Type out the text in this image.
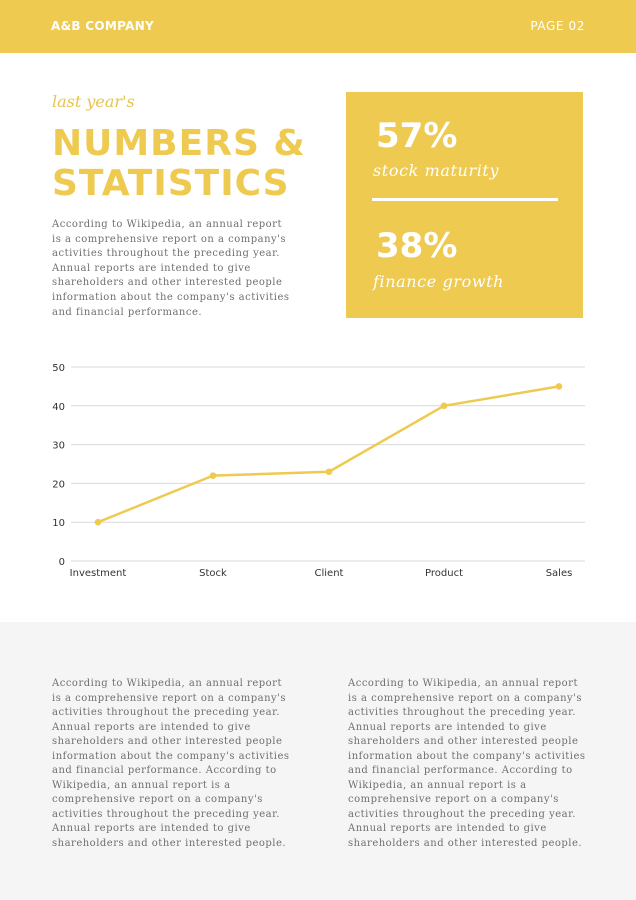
A&B COMPANY	PAGE 02
last year's
NUMBERS & STATISTICS

According to Wikipedia, an annual report is a comprehensive report on a company's activities throughout the preceding year. Annual reports are intended to give shareholders and other interested people information about the company's activities and financial performance.

57%
stock maturity
38%
finance growth
0
10
20
30
40
50
Investment	Stock	Client	Product	Sales

According to Wikipedia, an annual report is a comprehensive report on a company's activities throughout the preceding year. Annual reports are intended to give shareholders and other interested people information about the company's activities and financial performance. According to Wikipedia, an annual report is a comprehensive report on a company's activities throughout the preceding year. Annual reports are intended to give shareholders and other interested people.

According to Wikipedia, an annual report is a comprehensive report on a company's activities throughout the preceding year. Annual reports are intended to give shareholders and other interested people information about the company's activities and financial performance. According to Wikipedia, an annual report is a comprehensive report on a company's activities throughout the preceding year. Annual reports are intended to give shareholders and other interested people.
